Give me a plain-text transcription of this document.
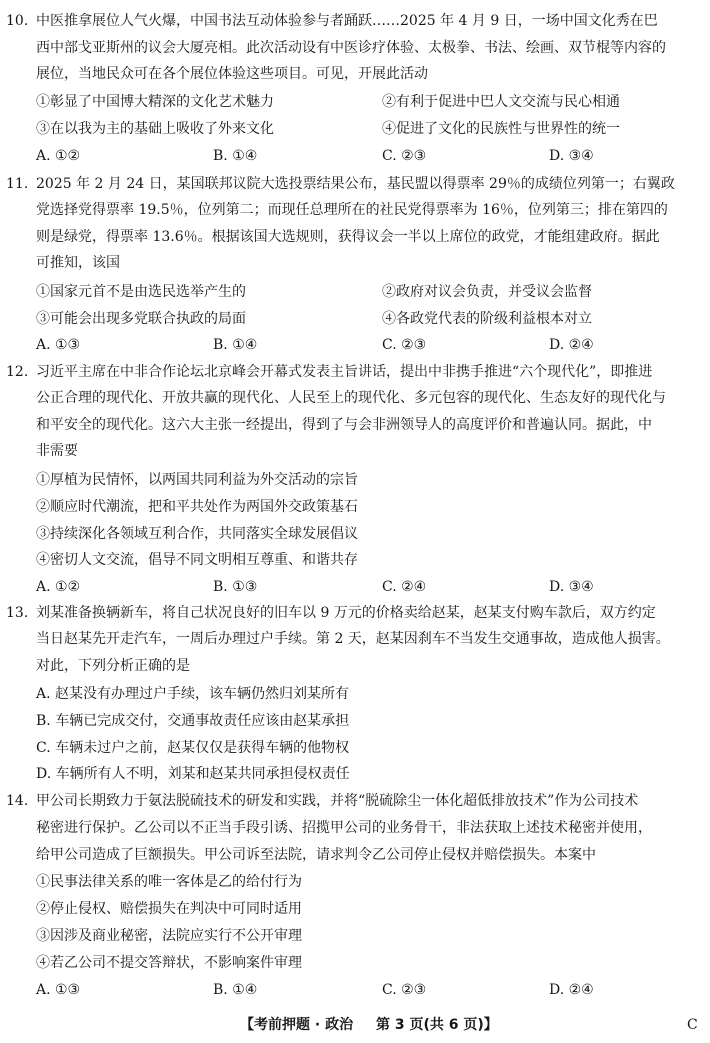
10. 中医推拿展位人气火爆，中国书法互动体验参与者踊跃……2025 年 4 月 9 日，一场中国文化秀在巴
西中部戈亚斯州的议会大厦亮相。此次活动设有中医诊疗体验、太极拳、书法、绘画、双节棍等内容的
展位，当地民众可在各个展位体验这些项目。可见，开展此活动
①彰显了中国博大精深的文化艺术魅力	②有利于促进中巴人文交流与民心相通
③在以我为主的基础上吸收了外来文化	④促进了文化的民族性与世界性的统一
A. ①②	B. ①④	C. ②③	D. ③④
11. 2025 年 2 月 24 日，某国联邦议院大选投票结果公布，基民盟以得票率 29％的成绩位列第一；右翼政
党选择党得票率 19.5％，位列第二；而现任总理所在的社民党得票率为 16％，位列第三；排在第四的
则是绿党，得票率 13.6％。根据该国大选规则，获得议会一半以上席位的政党，才能组建政府。据此
可推知，该国
①国家元首不是由选民选举产生的	②政府对议会负责，并受议会监督
③可能会出现多党联合执政的局面	④各政党代表的阶级利益根本对立
A. ①③	B. ①④	C. ②③	D. ②④
12. 习近平主席在中非合作论坛北京峰会开幕式发表主旨讲话，提出中非携手推进“六个现代化”，即推进
公正合理的现代化、开放共赢的现代化、人民至上的现代化、多元包容的现代化、生态友好的现代化与
和平安全的现代化。这六大主张一经提出，得到了与会非洲领导人的高度评价和普遍认同。据此，中
非需要
①厚植为民情怀，以两国共同利益为外交活动的宗旨
②顺应时代潮流，把和平共处作为两国外交政策基石
③持续深化各领域互利合作，共同落实全球发展倡议
④密切人文交流，倡导不同文明相互尊重、和谐共存
A. ①②	B. ①③	C. ②④	D. ③④
13. 刘某准备换辆新车，将自己状况良好的旧车以 9 万元的价格卖给赵某，赵某支付购车款后，双方约定
当日赵某先开走汽车，一周后办理过户手续。第 2 天，赵某因刹车不当发生交通事故，造成他人损害。
对此，下列分析正确的是
A. 赵某没有办理过户手续，该车辆仍然归刘某所有
B. 车辆已完成交付，交通事故责任应该由赵某承担
C. 车辆未过户之前，赵某仅仅是获得车辆的他物权
D. 车辆所有人不明，刘某和赵某共同承担侵权责任
14. 甲公司长期致力于氨法脱硫技术的研发和实践，并将“脱硫除尘一体化超低排放技术”作为公司技术
秘密进行保护。乙公司以不正当手段引诱、招揽甲公司的业务骨干，非法获取上述技术秘密并使用，
给甲公司造成了巨额损失。甲公司诉至法院，请求判令乙公司停止侵权并赔偿损失。本案中
①民事法律关系的唯一客体是乙的给付行为
②停止侵权、赔偿损失在判决中可同时适用
③因涉及商业秘密，法院应实行不公开审理
④若乙公司不提交答辩状，不影响案件审理
A. ①③	B. ①④	C. ②③	D. ②④
【考前押题 · 政治 第 3 页(共 6 页)】	C
